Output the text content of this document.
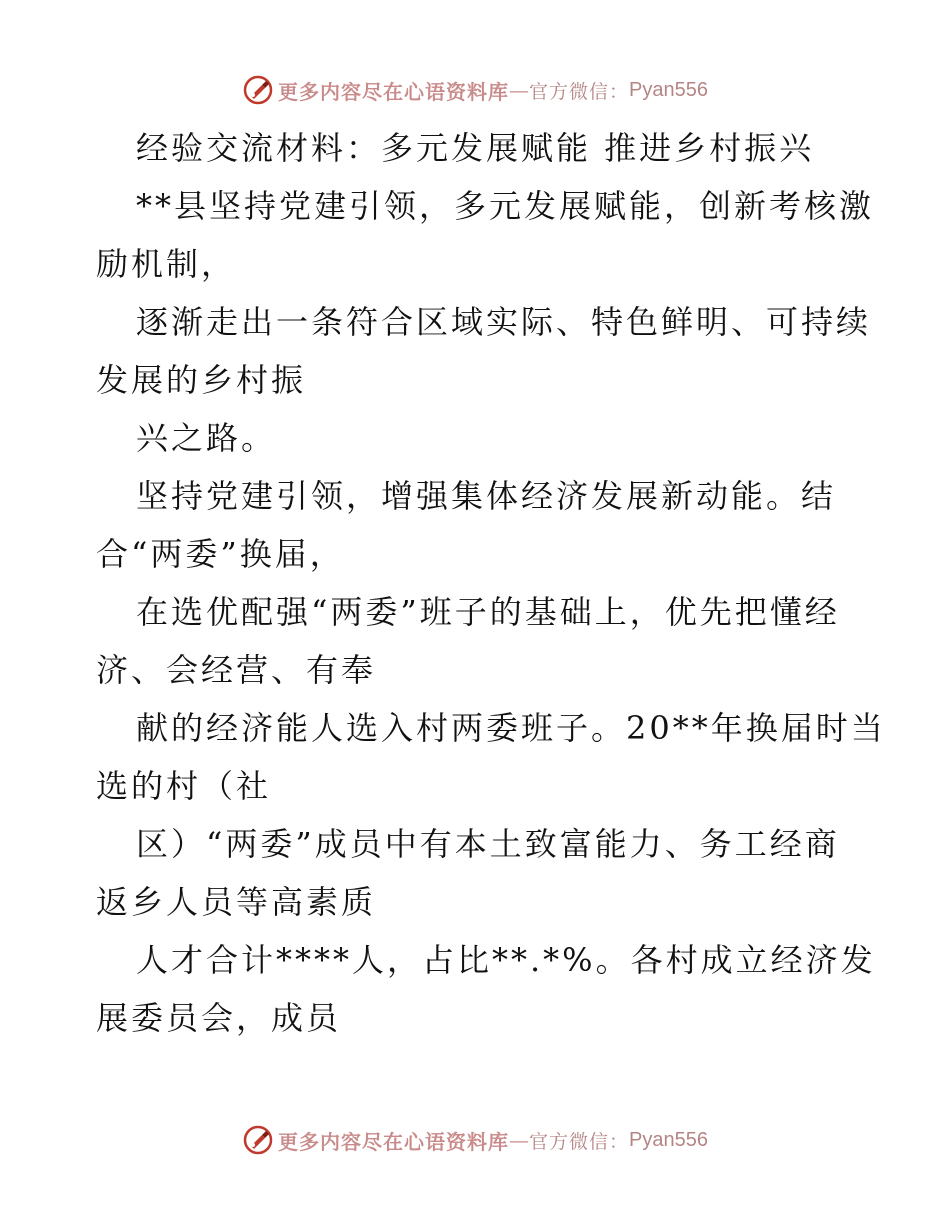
更多内容尽在心语资料库 — 官方微信： Pyan556
经验交流材料：多元发展赋能 推进乡村振兴
**县坚持党建引领，多元发展赋能，创新考核激
励机制，
逐渐走出一条符合区域实际、特色鲜明、可持续
发展的乡村振
兴之路。
坚持党建引领，增强集体经济发展新动能。结
合“两委”换届，
在选优配强“两委”班子的基础上，优先把懂经
济、会经营、有奉
献的经济能人选入村两委班子。20**年换届时当
选的村（社
区）“两委”成员中有本土致富能力、务工经商
返乡人员等高素质
人才合计****人，占比**.*%。各村成立经济发
展委员会，成员
更多内容尽在心语资料库 — 官方微信： Pyan556
